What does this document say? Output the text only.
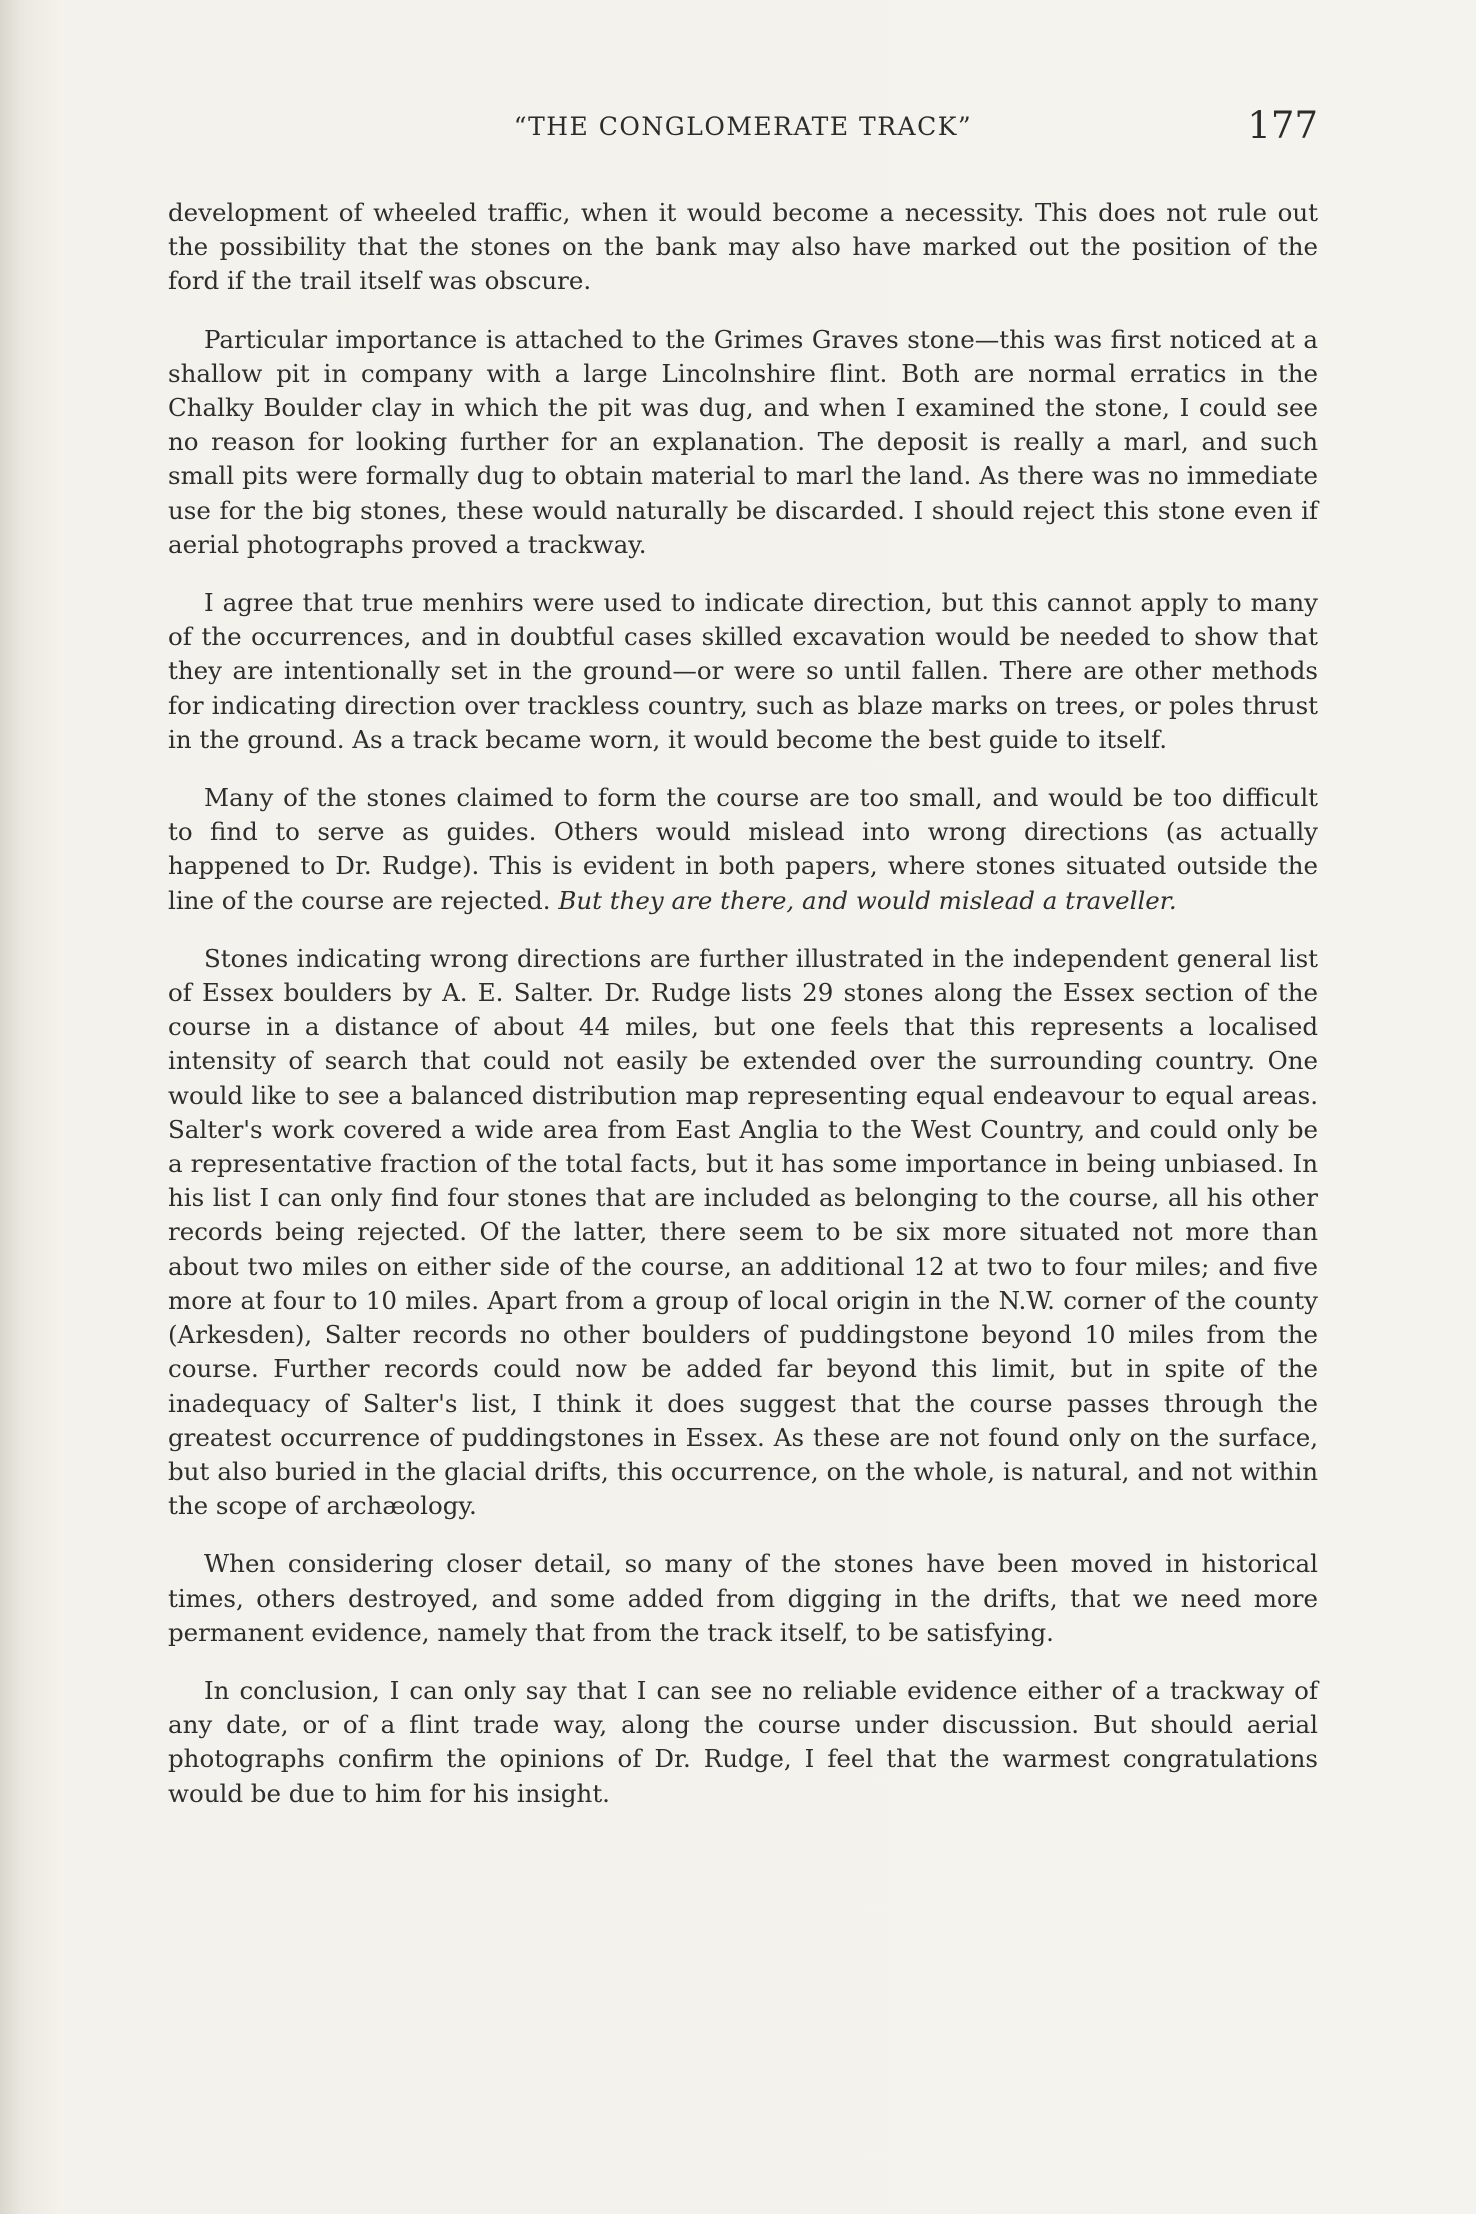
“THE CONGLOMERATE TRACK”	177

development of wheeled traffic, when it would become a necessity. This does not rule out the possibility that the stones on the bank may also have marked out the position of the ford if the trail itself was obscure.

Particular importance is attached to the Grimes Graves stone—this was first noticed at a shallow pit in company with a large Lincolnshire flint. Both are normal erratics in the Chalky Boulder clay in which the pit was dug, and when I examined the stone, I could see no reason for looking further for an explanation. The deposit is really a marl, and such small pits were formally dug to obtain material to marl the land. As there was no immediate use for the big stones, these would naturally be discarded. I should reject this stone even if aerial photographs proved a trackway.

I agree that true menhirs were used to indicate direction, but this cannot apply to many of the occurrences, and in doubtful cases skilled excavation would be needed to show that they are intentionally set in the ground—or were so until fallen. There are other methods for indicating direction over trackless country, such as blaze marks on trees, or poles thrust in the ground. As a track became worn, it would become the best guide to itself.

Many of the stones claimed to form the course are too small, and would be too difficult to find to serve as guides. Others would mislead into wrong directions (as actually happened to Dr. Rudge). This is evident in both papers, where stones situated outside the line of the course are rejected. But they are there, and would mislead a traveller.

Stones indicating wrong directions are further illustrated in the independent general list of Essex boulders by A. E. Salter. Dr. Rudge lists 29 stones along the Essex section of the course in a distance of about 44 miles, but one feels that this represents a localised intensity of search that could not easily be extended over the surrounding country. One would like to see a balanced distribution map representing equal endeavour to equal areas. Salter's work covered a wide area from East Anglia to the West Country, and could only be a representative fraction of the total facts, but it has some importance in being unbiased. In his list I can only find four stones that are included as belonging to the course, all his other records being rejected. Of the latter, there seem to be six more situated not more than about two miles on either side of the course, an additional 12 at two to four miles; and five more at four to 10 miles. Apart from a group of local origin in the N.W. corner of the county (Arkesden), Salter records no other boulders of puddingstone beyond 10 miles from the course. Further records could now be added far beyond this limit, but in spite of the inadequacy of Salter's list, I think it does suggest that the course passes through the greatest occurrence of puddingstones in Essex. As these are not found only on the surface, but also buried in the glacial drifts, this occurrence, on the whole, is natural, and not within the scope of archæology.

When considering closer detail, so many of the stones have been moved in historical times, others destroyed, and some added from digging in the drifts, that we need more permanent evidence, namely that from the track itself, to be satisfying.

In conclusion, I can only say that I can see no reliable evidence either of a trackway of any date, or of a flint trade way, along the course under discussion. But should aerial photographs confirm the opinions of Dr. Rudge, I feel that the warmest congratulations would be due to him for his insight.
